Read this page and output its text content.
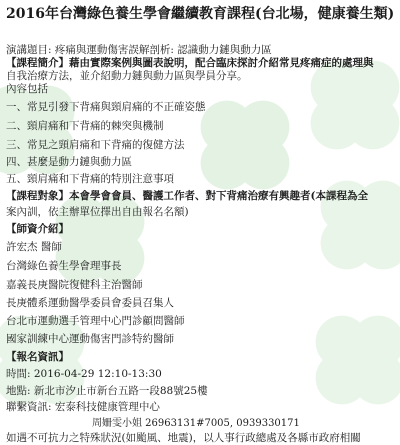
2016年台灣綠色養生學會繼續教育課程(台北場，健康養生類)
演講題目: 疼痛與運動傷害誤解剖析: 認識動力鏈與動力區
【課程簡介】藉由實際案例與圖表說明，配合臨床探討介紹常見疼痛症的處理與
自我治療方法，並介紹動力鏈與動力區與學員分享。
內容包括
一、常見引發下背痛與頸肩痛的不正確姿態
二、頸肩痛和下背痛的棘突與機制
三、常見之頸肩痛和下背痛的復健方法
四、甚麼是動力鏈與動力區
五、頸肩痛和下背痛的特別注意事項
【課程對象】本會學會會員、醫護工作者、對下背痛治療有興趣者(本課程為全
案內訓，依主辦單位擇出自由報名名額)
【師資介紹】
許宏杰 醫師
台灣綠色養生學會理事長
嘉義長庚醫院復健科主治醫師
長庚體系運動醫學委員會委員召集人
台北市運動選手管理中心門診顧問醫師
國家訓練中心運動傷害門診特約醫師
【報名資訊】
時間: 2016-04-29 12:10-13:30
地點: 新北市汐止市新台五路一段88號25樓
聯繫資訊: 宏泰科技健康管理中心
周姍雯小姐 26963131#7005, 0939330171
如遇不可抗力之特殊狀況(如颱風、地震)，以人事行政總處及各縣市政府相關
